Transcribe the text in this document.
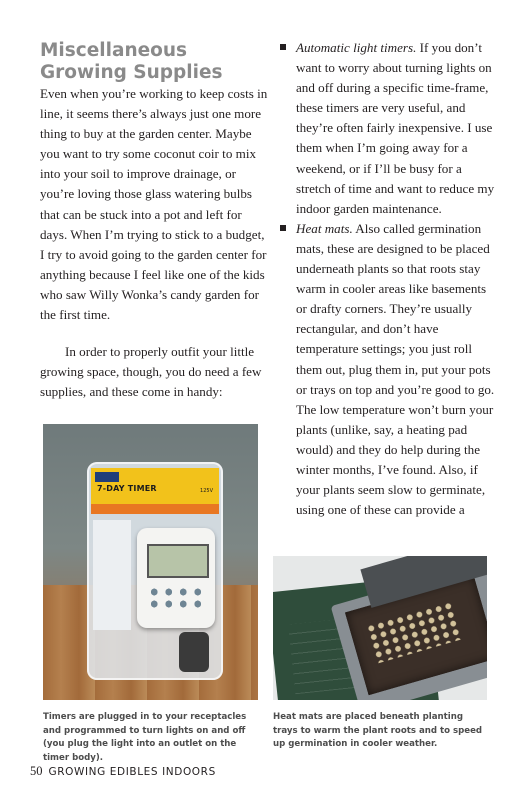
Miscellaneous Growing Supplies

Even when you’re working to keep costs in line, it seems there’s always just one more thing to buy at the garden center. Maybe you want to try some coconut coir to mix into your soil to improve drainage, or you’re loving those glass watering bulbs that can be stuck into a pot and left for days. When I’m trying to stick to a budget, I try to avoid going to the garden center for anything because I feel like one of the kids who saw Willy Wonka’s candy garden for the first time.

In order to properly outfit your little growing space, though, you do need a few supplies, and these come in handy:

Automatic light timers. If you don’t want to worry about turning lights on and off during a specific time-frame, these timers are very useful, and they’re often fairly inexpensive. I use them when I’m going away for a weekend, or if I’ll be busy for a stretch of time and want to reduce my indoor garden maintenance.
Heat mats. Also called germination mats, these are designed to be placed underneath plants so that roots stay warm in cooler areas like basements or drafty corners. They’re usually rectangular, and don’t have temperature settings; you just roll them out, plug them in, put your pots or trays on top and you’re good to go. The low temperature won’t burn your plants (unlike, say, a heating pad would) and they do help during the winter months, I’ve found. Also, if your plants seem slow to germinate, using one of these can provide a
7-DAY TIMER	125V

Timers are plugged in to your receptacles and programmed to turn lights on and off (you plug the light into an outlet on the timer body).

Heat mats are placed beneath planting trays to warm the plant roots and to speed up germination in cooler weather.

50 GROWING EDIBLES INDOORS
